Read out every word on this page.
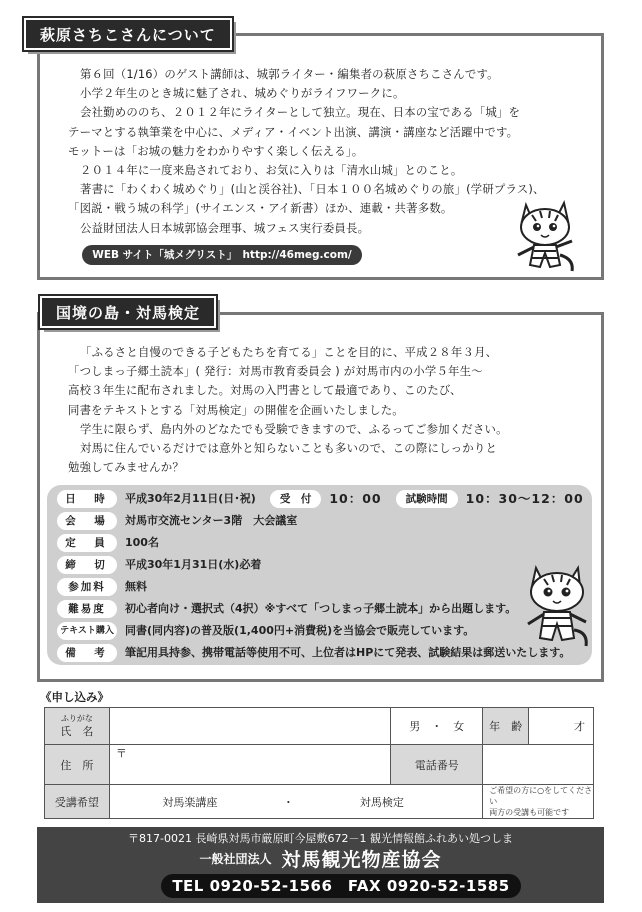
萩原さちこさんについて
第６回（1/16）のゲスト講師は、城郭ライター・編集者の萩原さちこさんです。
小学２年生のとき城に魅了され、城めぐりがライフワークに。
会社勤めののち、２０１２年にライターとして独立。現在、日本の宝である「城」を
テーマとする執筆業を中心に、メディア・イベント出演、講演・講座など活躍中です。
モットーは「お城の魅力をわかりやすく楽しく伝える」。
２０１４年に一度来島されており、お気に入りは「清水山城」とのこと。
著書に「わくわく城めぐり」(山と渓谷社)、「日本１００名城めぐりの旅」(学研プラス)、
「図説・戦う城の科学」(サイエンス・アイ新書）ほか、連載・共著多数。
公益財団法人日本城郭協会理事、城フェス実行委員長。
WEB サイト「城メグリスト」　http://46meg.com/
国境の島・対馬検定
「ふるさと自慢のできる子どもたちを育てる」ことを目的に、平成２８年３月、
「つしまっ子郷土読本」( 発行：対馬市教育委員会 ) が対馬市内の小学５年生～
高校３年生に配布されました。対馬の入門書として最適であり、このたび、
同書をテキストとする「対馬検定」の開催を企画いたしました。
学生に限らず、島内外のどなたでも受験できますので、ふるってご参加ください。
対馬に住んでいるだけでは意外と知らないことも多いので、この際にしっかりと
勉強してみませんか？
日　時 平成30年2月11日(日･祝) 受　付 10：00 試験時間 10：30～12：00
会　場 対馬市交流センター3階　大会議室
定　員 100名
締　切 平成30年1月31日(水)必着
参加料 無料
難易度 初心者向け・選択式（4択）※すべて「つしまっ子郷土読本」から出題します。
テキスト購入 同書(同内容)の普及版(1,400円+消費税)を当協会で販売しています。
備　考 筆記用具持参、携帯電話等使用不可、上位者はHPにて発表、試験結果は郵送いたします。
《申し込み》
ふりがな
氏　名		男　・　女	年　齢	才
住　所	〒	電話番号		
受講希望	対馬楽講座 ・ 対馬検定		ご希望の方に○をしてください
両方の受講も可能です	
〒817-0021 長崎県対馬市厳原町今屋敷672－1 観光情報館ふれあい処つしま
一般社団法人 対馬観光物産協会
TEL 0920-52-1566　FAX 0920-52-1585
